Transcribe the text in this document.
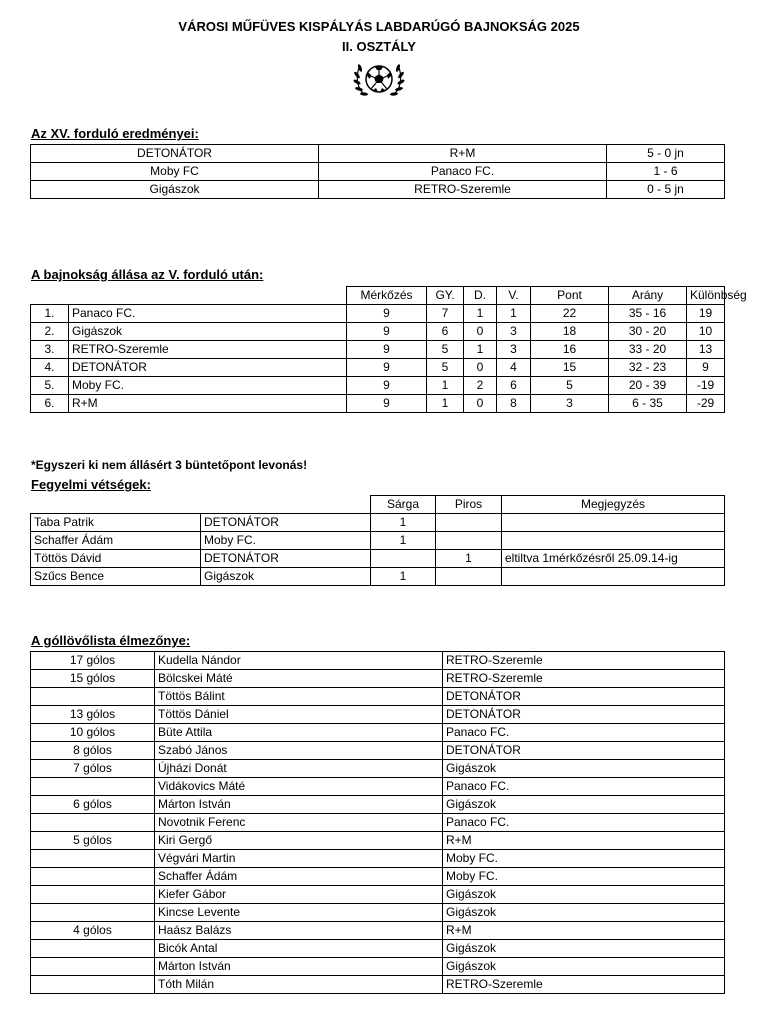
VÁROSI MŰFÜVES KISPÁLYÁS LABDARÚGÓ BAJNOKSÁG 2025
II. OSZTÁLY
Az XV. forduló eredményei:
DETONÁTOR	R+M	5 - 0 jn
Moby FC	Panaco FC.	1 - 6
Gigászok	RETRO-Szeremle	0 - 5 jn
A bajnokság állása az V. forduló után:
		Mérkőzés	GY.	D.	V.	Pont	Arány	Különbség
1.	Panaco FC.	9	7	1	1	22	35 - 16	19
2.	Gigászok	9	6	0	3	18	30 - 20	10
3.	RETRO-Szeremle	9	5	1	3	16	33 - 20	13
4.	DETONÁTOR	9	5	0	4	15	32 - 23	9
5.	Moby FC.	9	1	2	6	5	20 - 39	-19
6.	R+M	9	1	0	8	3	6 - 35	-29
*Egyszeri ki nem állásért 3 büntetőpont levonás!
Fegyelmi vétségek:
		Sárga	Piros	Megjegyzés
Taba Patrik	DETONÁTOR	1		
Schaffer Ádám	Moby FC.	1		
Töttös Dávid	DETONÁTOR		1	eltiltva 1mérkőzésről 25.09.14-ig
Szűcs Bence	Gigászok	1		
A góllövőlista élmezőnye:
17 gólos	Kudella Nándor	RETRO-Szeremle
15 gólos	Bölcskei Máté	RETRO-Szeremle
	Töttös Bálint	DETONÁTOR
13 gólos	Töttös Dániel	DETONÁTOR
10 gólos	Büte Attila	Panaco FC.
8 gólos	Szabó János	DETONÁTOR
7 gólos	Újházi Donát	Gigászok
	Vidákovics Máté	Panaco FC.
6 gólos	Márton István	Gigászok
	Novotnik Ferenc	Panaco FC.
5 gólos	Kiri Gergő	R+M
	Végvári Martin	Moby FC.
	Schaffer Ádám	Moby FC.
	Kiefer Gábor	Gigászok
	Kincse Levente	Gigászok
4 gólos	Haász Balázs	R+M
	Bicók Antal	Gigászok
	Márton István	Gigászok
	Tóth Milán	RETRO-Szeremle
